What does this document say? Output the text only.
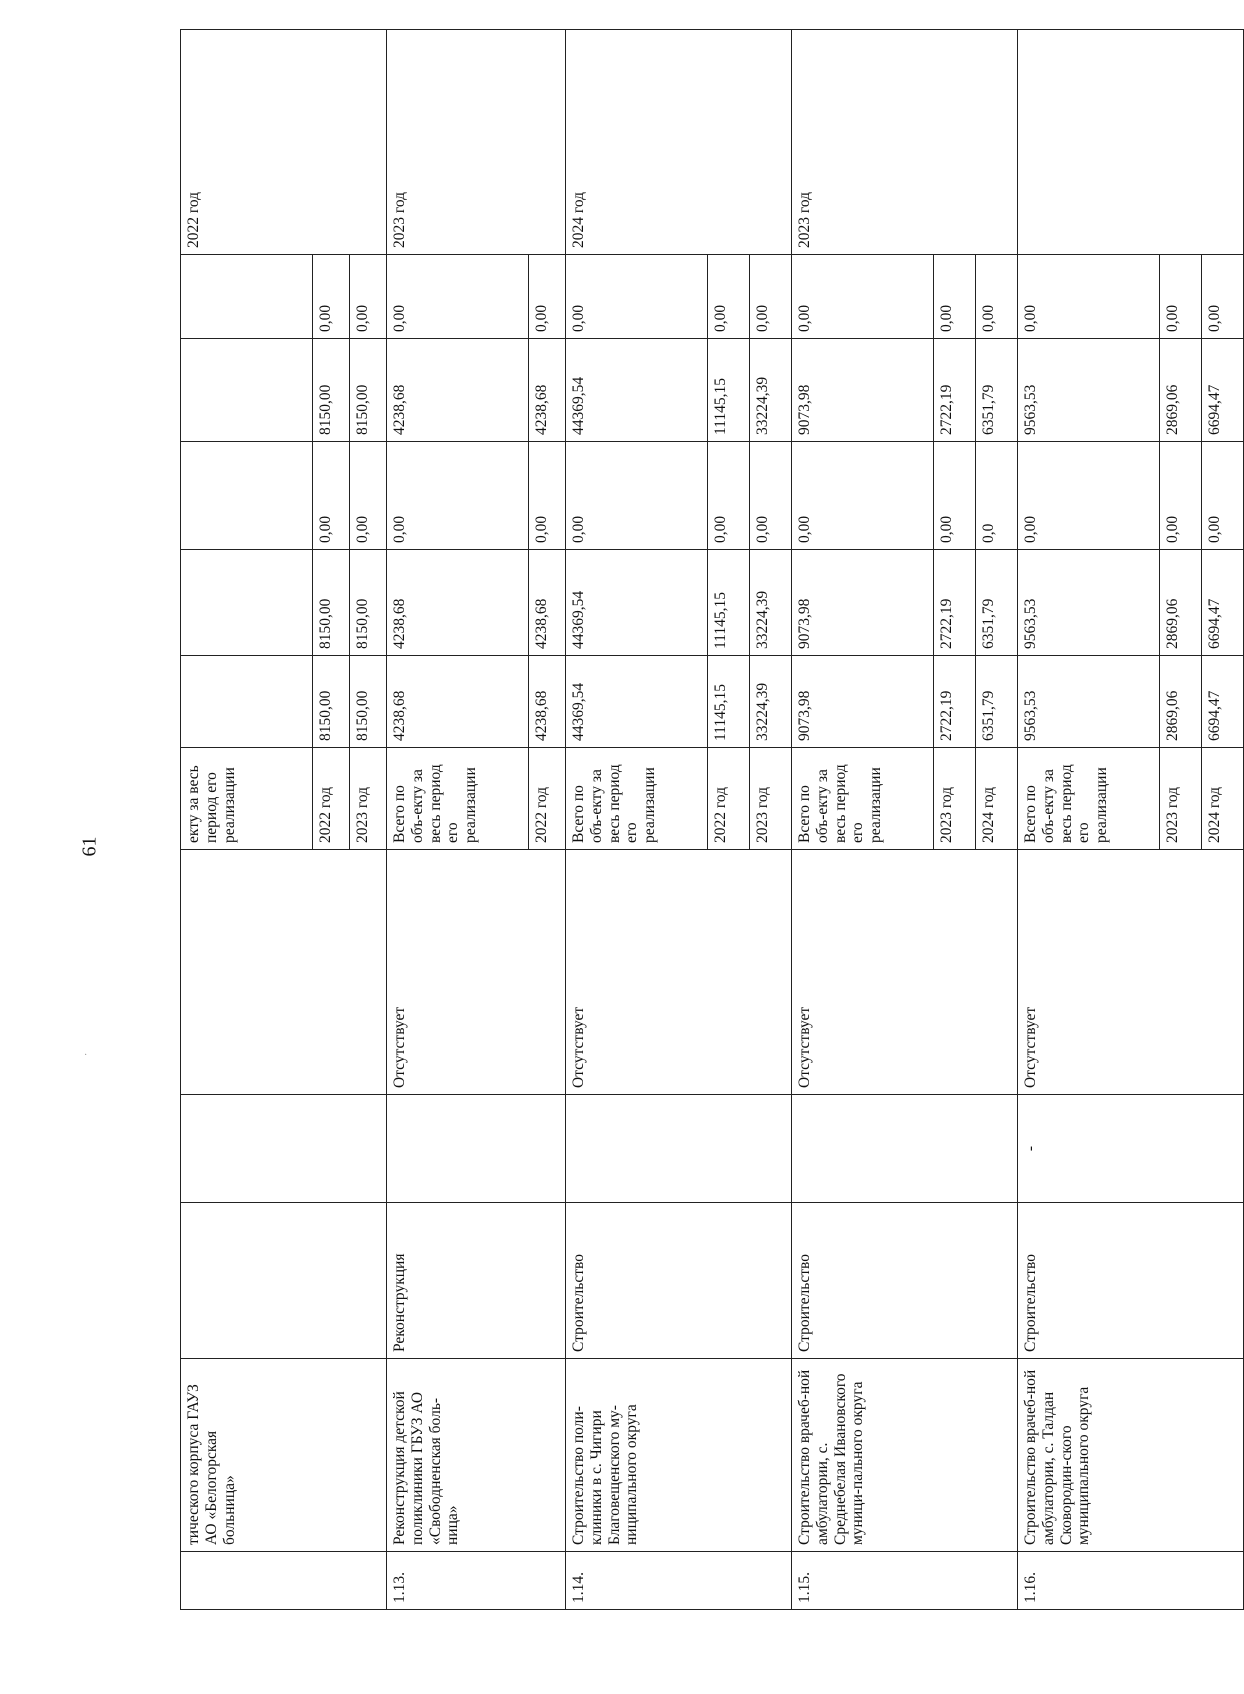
61
·
	тического корпуса ГАУЗ АО «Белогорская больница»				екту за весь период его реализации						2022 год
					2022 год	8150,00	8150,00	0,00	8150,00	0,00	
					2023 год	8150,00	8150,00	0,00	8150,00	0,00	
1.13.	Реконструкция детской поликлиники ГБУЗ АО «Свободненская боль-ница»	Реконструкция		Отсутствует	Всего по объ-екту за весь период его реализации	4238,68	4238,68	0,00	4238,68	0,00	2023 год
					2022 год	4238,68	4238,68	0,00	4238,68	0,00	
1.14.	Строительство поли-клиники в с. Чигири Благовещенского му-ниципального округа	Строительство		Отсутствует	Всего по объ-екту за весь период его реализации	44369,54	44369,54	0,00	44369,54	0,00	2024 год
					2022 год	11145,15	11145,15	0,00	11145,15	0,00	
					2023 год	33224,39	33224,39	0,00	33224,39	0,00	
1.15.	Строительство врачеб-ной амбулатории, с. Среднебелая Ивановского муници-пального округа	Строительство		Отсутствует	Всего по объ-екту за весь период его реализации	9073,98	9073,98	0,00	9073,98	0,00	2023 год
					2023 год	2722,19	2722,19	0,00	2722,19	0,00	
					2024 год	6351,79	6351,79	0,0	6351,79	0,00	
1.16.	Строительство врачеб-ной амбулатории, с. Талдан Сковородин-ского муниципального округа	Строительство	-	Отсутствует	Всего по объ-екту за весь период его реализации	9563,53	9563,53	0,00	9563,53	0,00	
					2023 год	2869,06	2869,06	0,00	2869,06	0,00	
					2024 год	6694,47	6694,47	0,00	6694,47	0,00	
